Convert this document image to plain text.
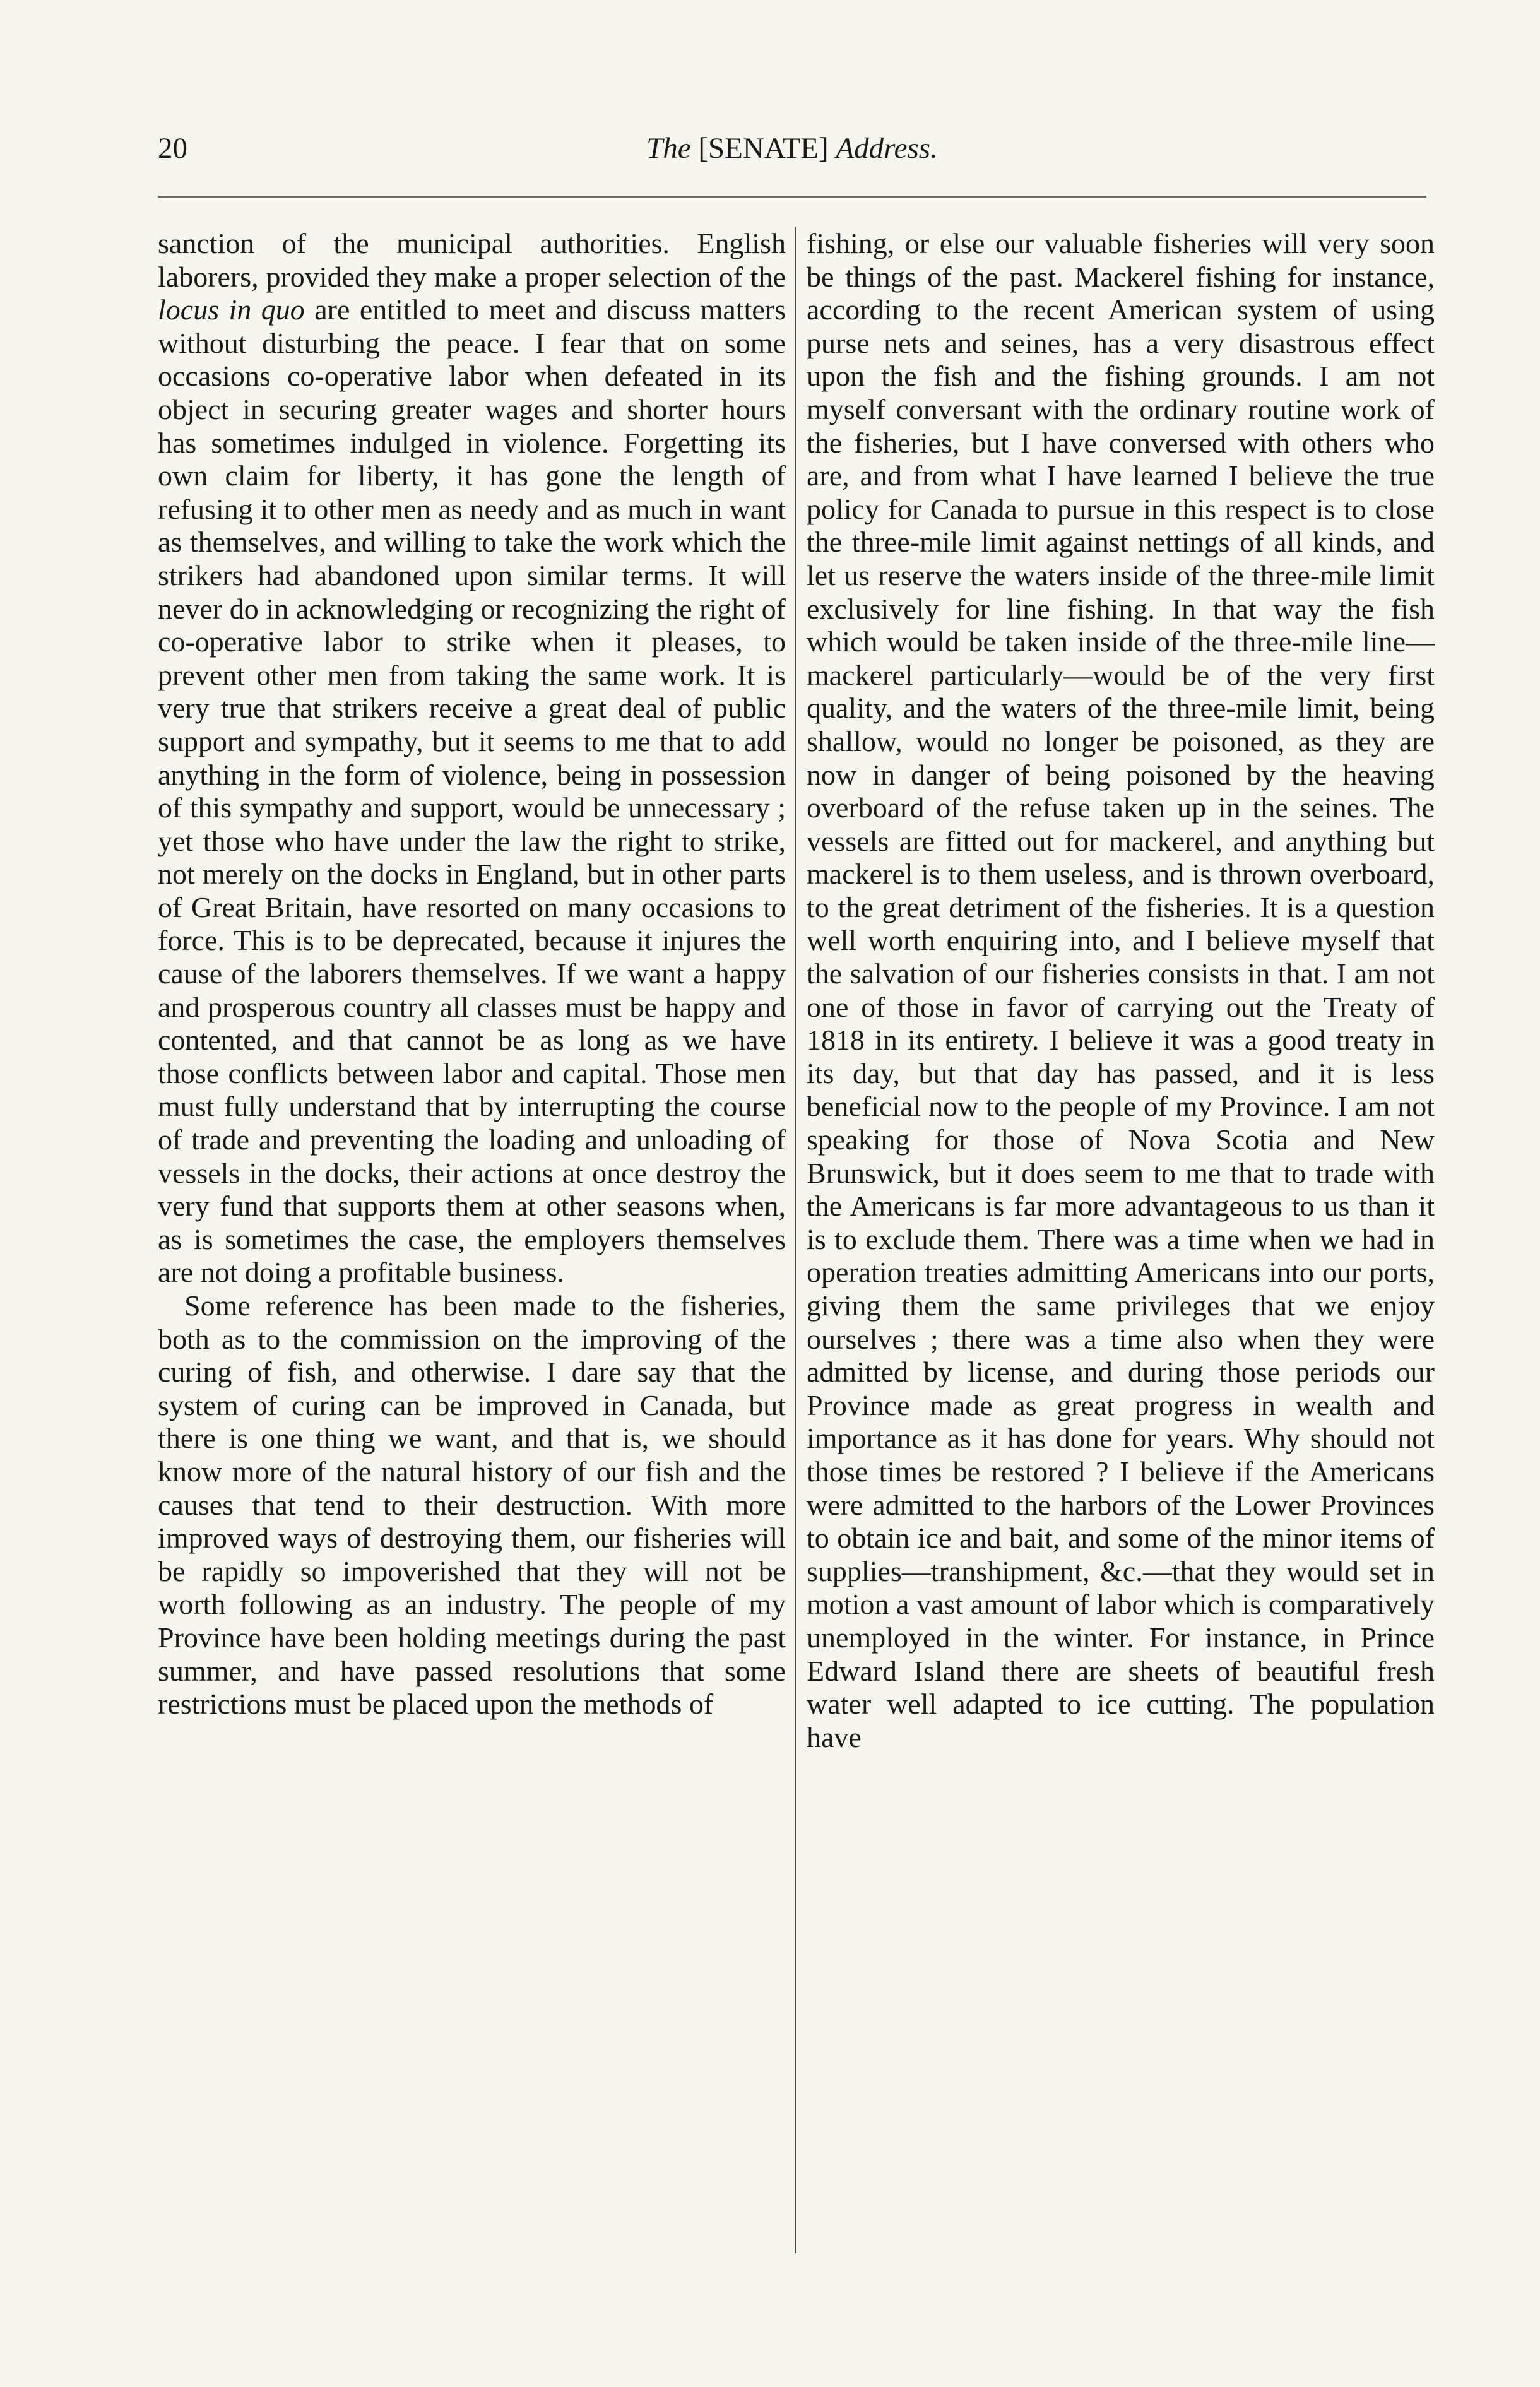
20	The [SENATE] Address.

sanction of the municipal authorities. English laborers, provided they make a proper selection of the locus in quo are entitled to meet and discuss matters without disturbing the peace. I fear that on some occasions co-operative labor when defeated in its object in securing greater wages and shorter hours has sometimes indulged in violence. Forgetting its own claim for liberty, it has gone the length of refusing it to other men as needy and as much in want as themselves, and willing to take the work which the strikers had abandoned upon similar terms. It will never do in acknowledging or recognizing the right of co-operative labor to strike when it pleases, to prevent other men from taking the same work. It is very true that strikers receive a great deal of public support and sympathy, but it seems to me that to add anything in the form of violence, being in possession of this sympathy and support, would be unnecessary ; yet those who have under the law the right to strike, not merely on the docks in England, but in other parts of Great Britain, have resorted on many occasions to force. This is to be deprecated, because it injures the cause of the laborers themselves. If we want a happy and prosperous country all classes must be happy and contented, and that cannot be as long as we have those conflicts between labor and capital. Those men must fully understand that by interrupting the course of trade and preventing the loading and unloading of vessels in the docks, their actions at once destroy the very fund that supports them at other seasons when, as is sometimes the case, the employers themselves are not doing a profitable business.

Some reference has been made to the fisheries, both as to the commission on the improving of the curing of fish, and otherwise. I dare say that the system of curing can be improved in Canada, but there is one thing we want, and that is, we should know more of the natural history of our fish and the causes that tend to their destruction. With more improved ways of destroying them, our fisheries will be rapidly so impoverished that they will not be worth following as an industry. The people of my Province have been holding meetings during the past summer, and have passed resolutions that some restrictions must be placed upon the methods of

fishing, or else our valuable fisheries will very soon be things of the past. Mackerel fishing for instance, according to the recent American system of using purse nets and seines, has a very disastrous effect upon the fish and the fishing grounds. I am not myself conversant with the ordinary routine work of the fisheries, but I have conversed with others who are, and from what I have learned I believe the true policy for Canada to pursue in this respect is to close the three-mile limit against nettings of all kinds, and let us reserve the waters inside of the three-mile limit exclusively for line fishing. In that way the fish which would be taken inside of the three-mile line—mackerel particularly—would be of the very first quality, and the waters of the three-mile limit, being shallow, would no longer be poisoned, as they are now in danger of being poisoned by the heaving overboard of the refuse taken up in the seines. The vessels are fitted out for mackerel, and anything but mackerel is to them useless, and is thrown overboard, to the great detriment of the fisheries. It is a question well worth enquiring into, and I believe myself that the salvation of our fisheries consists in that. I am not one of those in favor of carrying out the Treaty of 1818 in its entirety. I believe it was a good treaty in its day, but that day has passed, and it is less beneficial now to the people of my Province. I am not speaking for those of Nova Scotia and New Brunswick, but it does seem to me that to trade with the Americans is far more advantageous to us than it is to exclude them. There was a time when we had in operation treaties admitting Americans into our ports, giving them the same privileges that we enjoy ourselves ; there was a time also when they were admitted by license, and during those periods our Province made as great progress in wealth and importance as it has done for years. Why should not those times be restored ? I believe if the Americans were admitted to the harbors of the Lower Provinces to obtain ice and bait, and some of the minor items of supplies—transhipment, &c.—that they would set in motion a vast amount of labor which is comparatively unemployed in the winter. For instance, in Prince Edward Island there are sheets of beautiful fresh water well adapted to ice cutting. The population have
